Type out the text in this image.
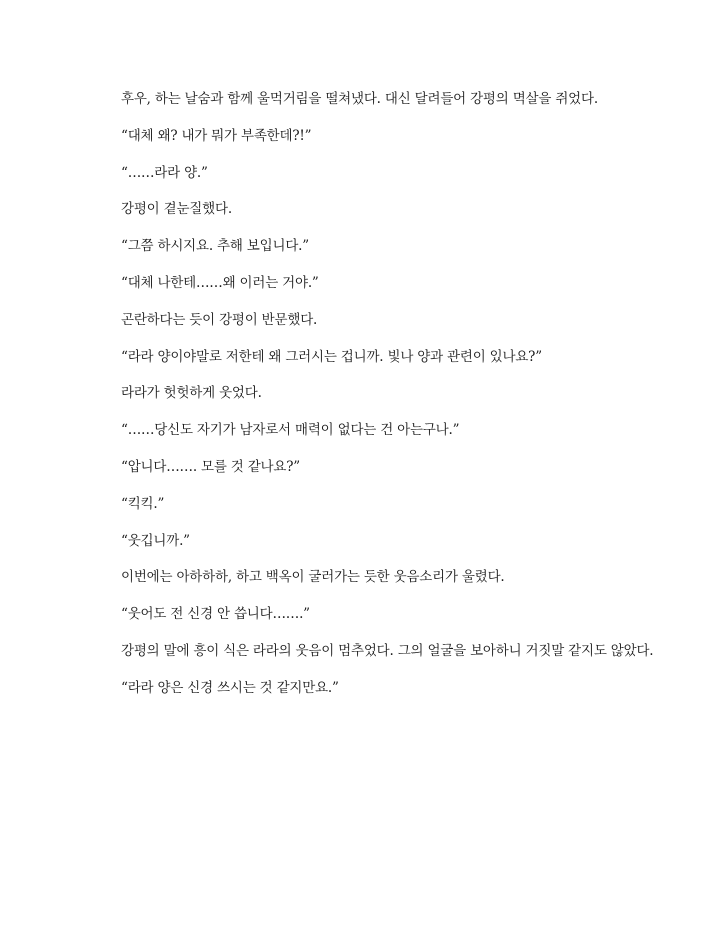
후우, 하는 날숨과 함께 울먹거림을 떨쳐냈다. 대신 달려들어 강평의 멱살을 쥐었다.

“대체 왜? 내가 뭐가 부족한데?!”

“……라라 양.”

강평이 곁눈질했다.

“그쯤 하시지요. 추해 보입니다.”

“대체 나한테……왜 이러는 거야.”

곤란하다는 듯이 강평이 반문했다.

“라라 양이야말로 저한테 왜 그러시는 겁니까. 빛나 양과 관련이 있나요?”

라라가 헛헛하게 웃었다.

“……당신도 자기가 남자로서 매력이 없다는 건 아는구나.”

“압니다……. 모를 것 같나요?”

“킥킥.”

“웃깁니까.”

이번에는 아하하하, 하고 백옥이 굴러가는 듯한 웃음소리가 울렸다.

“웃어도 전 신경 안 씁니다…….”

강평의 말에 흥이 식은 라라의 웃음이 멈추었다. 그의 얼굴을 보아하니 거짓말 같지도 않았다.

“라라 양은 신경 쓰시는 것 같지만요.”
